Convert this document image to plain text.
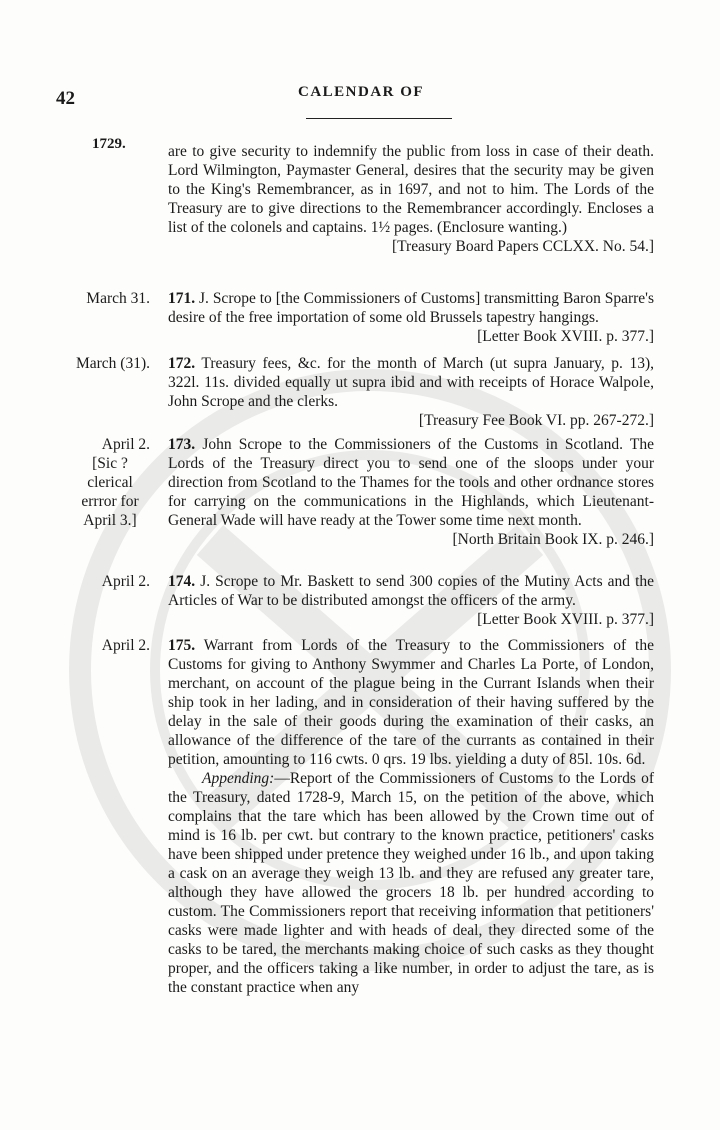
42	CALENDAR OF
1729.	are to give security to indemnify the public from loss in case of their death. Lord Wilmington, Paymaster General, desires that the security may be given to the King's Remembrancer, as in 1697, and not to him. The Lords of the Treasury are to give directions to the Remembrancer accordingly. Encloses a list of the colonels and captains. 1½ pages. (Enclosure wanting.)
[Treasury Board Papers CCLXX. No. 54.]
March 31. 171. J. Scrope to [the Commissioners of Customs] transmitting Baron Sparre's desire of the free importation of some old Brussels tapestry hangings.
[Letter Book XVIII. p. 377.]
March (31). 172. Treasury fees, &c. for the month of March (ut supra January, p. 13), 322l. 11s. divided equally ut supra ibid and with receipts of Horace Walpole, John Scrope and the clerks.
[Treasury Fee Book VI. pp. 267-272.]
April 2.
[Sic ? clerical errror for April 3.]
173. John Scrope to the Commissioners of the Customs in Scotland. The Lords of the Treasury direct you to send one of the sloops under your direction from Scotland to the Thames for the tools and other ordnance stores for carrying on the communications in the Highlands, which Lieutenant-General Wade will have ready at the Tower some time next month.
[North Britain Book IX. p. 246.]
April 2. 174. J. Scrope to Mr. Baskett to send 300 copies of the Mutiny Acts and the Articles of War to be distributed amongst the officers of the army.
[Letter Book XVIII. p. 377.]
April 2. 175. Warrant from Lords of the Treasury to the Commissioners of the Customs for giving to Anthony Swymmer and Charles La Porte, of London, merchant, on account of the plague being in the Currant Islands when their ship took in her lading, and in consideration of their having suffered by the delay in the sale of their goods during the examination of their casks, an allowance of the difference of the tare of the currants as contained in their petition, amounting to 116 cwts. 0 qrs. 19 lbs. yielding a duty of 85l. 10s. 6d.
Appending:—Report of the Commissioners of Customs to the Lords of the Treasury, dated 1728-9, March 15, on the petition of the above, which complains that the tare which has been allowed by the Crown time out of mind is 16 lb. per cwt. but contrary to the known practice, petitioners' casks have been shipped under pretence they weighed under 16 lb., and upon taking a cask on an average they weigh 13 lb. and they are refused any greater tare, although they have allowed the grocers 18 lb. per hundred according to custom. The Commissioners report that receiving information that petitioners' casks were made lighter and with heads of deal, they directed some of the casks to be tared, the merchants making choice of such casks as they thought proper, and the officers taking a like number, in order to adjust the tare, as is the constant practice when any
